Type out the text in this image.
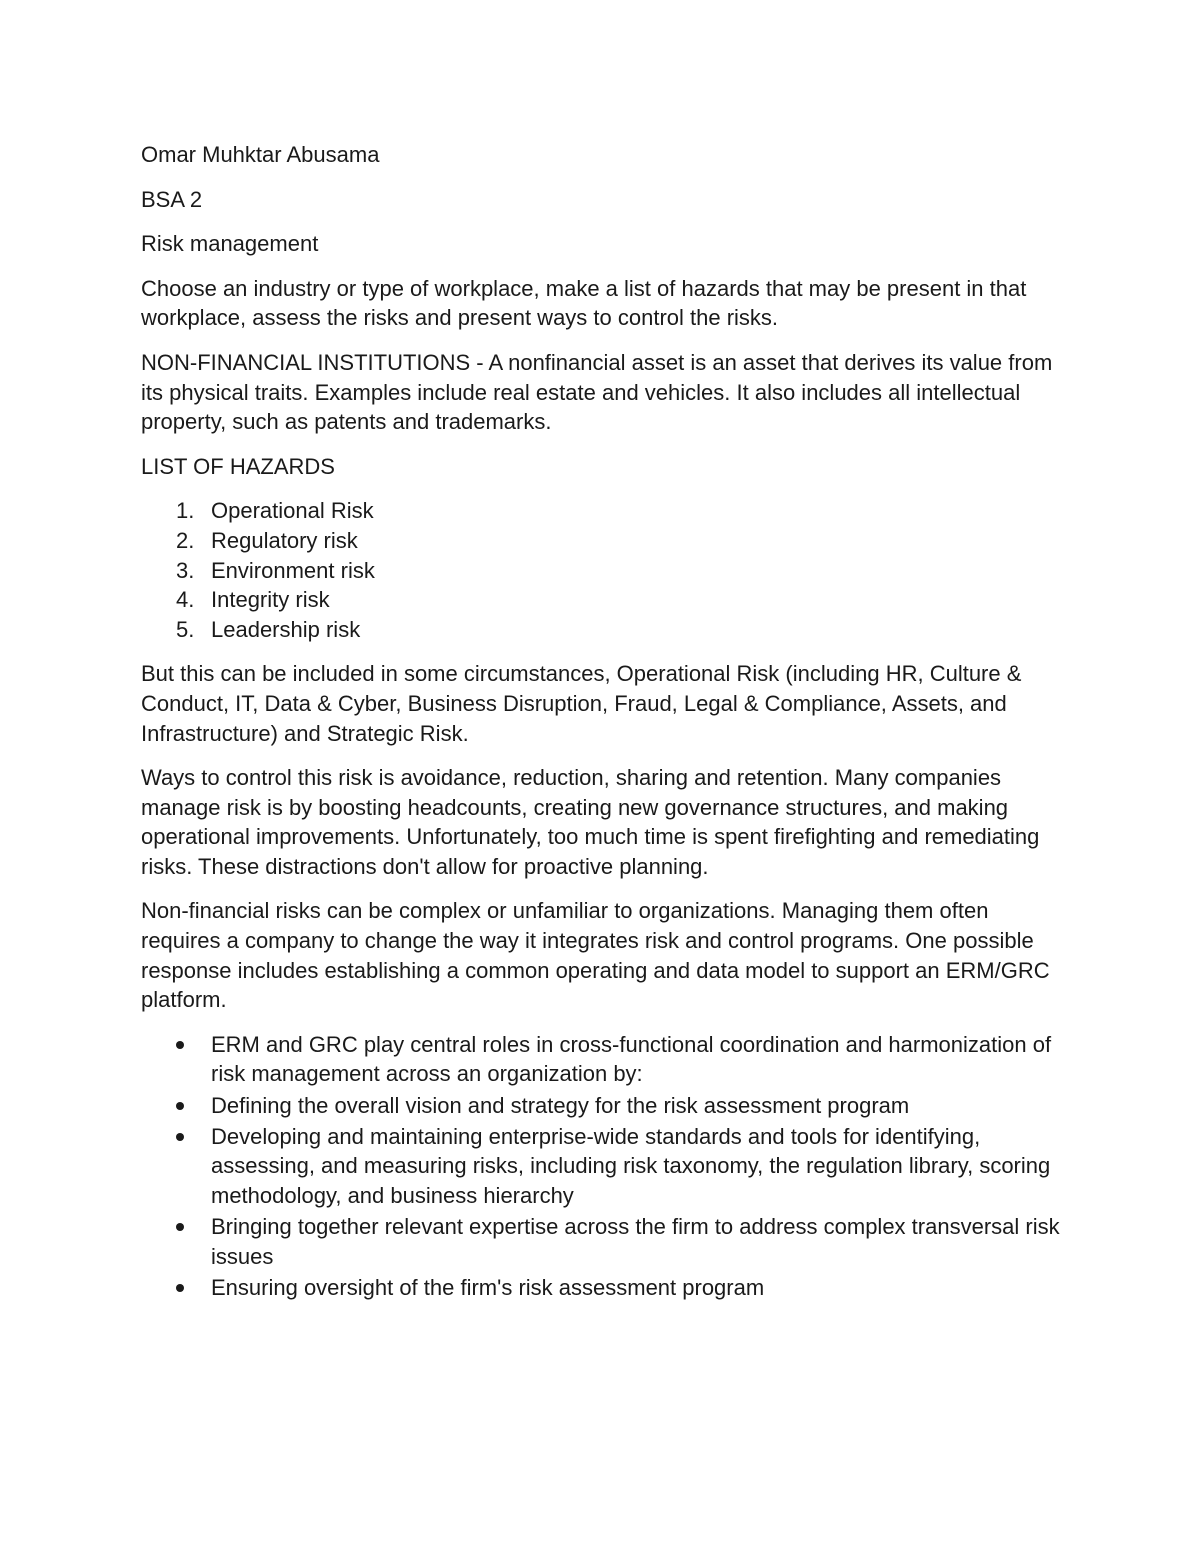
Omar Muhktar Abusama

BSA 2

Risk management

Choose an industry or type of workplace, make a list of hazards that may be present in that workplace, assess the risks and present ways to control the risks.

NON-FINANCIAL INSTITUTIONS - A nonfinancial asset is an asset that derives its value from its physical traits. Examples include real estate and vehicles. It also includes all intellectual property, such as patents and trademarks.

LIST OF HAZARDS

1. Operational Risk
2. Regulatory risk
3. Environment risk
4. Integrity risk
5. Leadership risk

But this can be included in some circumstances, Operational Risk (including HR, Culture & Conduct, IT, Data & Cyber, Business Disruption, Fraud, Legal & Compliance, Assets, and Infrastructure) and Strategic Risk.

Ways to control this risk is avoidance, reduction, sharing and retention. Many companies manage risk is by boosting headcounts, creating new governance structures, and making operational improvements. Unfortunately, too much time is spent firefighting and remediating risks. These distractions don't allow for proactive planning.

Non-financial risks can be complex or unfamiliar to organizations. Managing them often requires a company to change the way it integrates risk and control programs. One possible response includes establishing a common operating and data model to support an ERM/GRC platform.

ERM and GRC play central roles in cross-functional coordination and harmonization of risk management across an organization by:
Defining the overall vision and strategy for the risk assessment program
Developing and maintaining enterprise-wide standards and tools for identifying, assessing, and measuring risks, including risk taxonomy, the regulation library, scoring methodology, and business hierarchy
Bringing together relevant expertise across the firm to address complex transversal risk issues
Ensuring oversight of the firm's risk assessment program
